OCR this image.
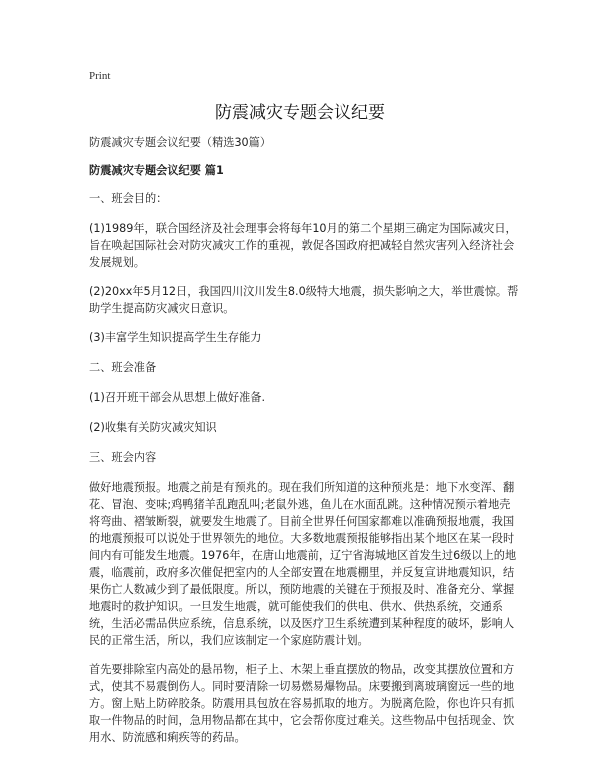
Print
防震减灾专题会议纪要

防震减灾专题会议纪要（精选30篇）

防震减灾专题会议纪要 篇1

一、班会目的：

(1)1989年，联合国经济及社会理事会将每年10月的第二个星期三确定为国际减灾日，旨在唤起国际社会对防灾减灾工作的重视，敦促各国政府把减轻自然灾害列入经济社会发展规划。

(2)20xx年5月12日，我国四川汶川发生8.0级特大地震，损失影响之大，举世震惊。帮助学生提高防灾减灾日意识。

(3)丰富学生知识提高学生生存能力

二、班会准备

(1)召开班干部会从思想上做好准备.

(2)收集有关防灾减灾知识

三、班会内容

做好地震预报。地震之前是有预兆的。现在我们所知道的这种预兆是：地下水变浑、翻花、冒泡、变味;鸡鸭猪羊乱跑乱叫;老鼠外逃，鱼儿在水面乱跳。这种情况预示着地壳将弯曲、褶皱断裂，就要发生地震了。目前全世界任何国家都难以准确预报地震，我国的地震预报可以说处于世界领先的地位。大多数地震预报能够指出某个地区在某一段时间内有可能发生地震。1976年，在唐山地震前，辽宁省海城地区首发生过6级以上的地震，临震前，政府多次催促把室内的人全部安置在地震棚里，并反复宣讲地震知识，结果伤亡人数减少到了最低限度。所以，预防地震的关键在于预报及时、准备充分、掌握地震时的救护知识。一旦发生地震，就可能使我们的供电、供水、供热系统，交通系统，生活必需品供应系统，信息系统，以及医疗卫生系统遭到某种程度的破坏，影响人民的正常生活，所以，我们应该制定一个家庭防震计划。

首先要排除室内高处的悬吊物，柜子上、木架上垂直摆放的物品，改变其摆放位置和方式，使其不易震倒伤人。同时要清除一切易燃易爆物品。床要搬到离玻璃窗远一些的地方。窗上贴上防碎胶条。防震用具包放在容易抓取的地方。为脱离危险，你也许只有抓取一件物品的时间，急用物品都在其中，它会帮你度过难关。这些物品中包括现金、饮用水、防流感和痢疾等的药品。
